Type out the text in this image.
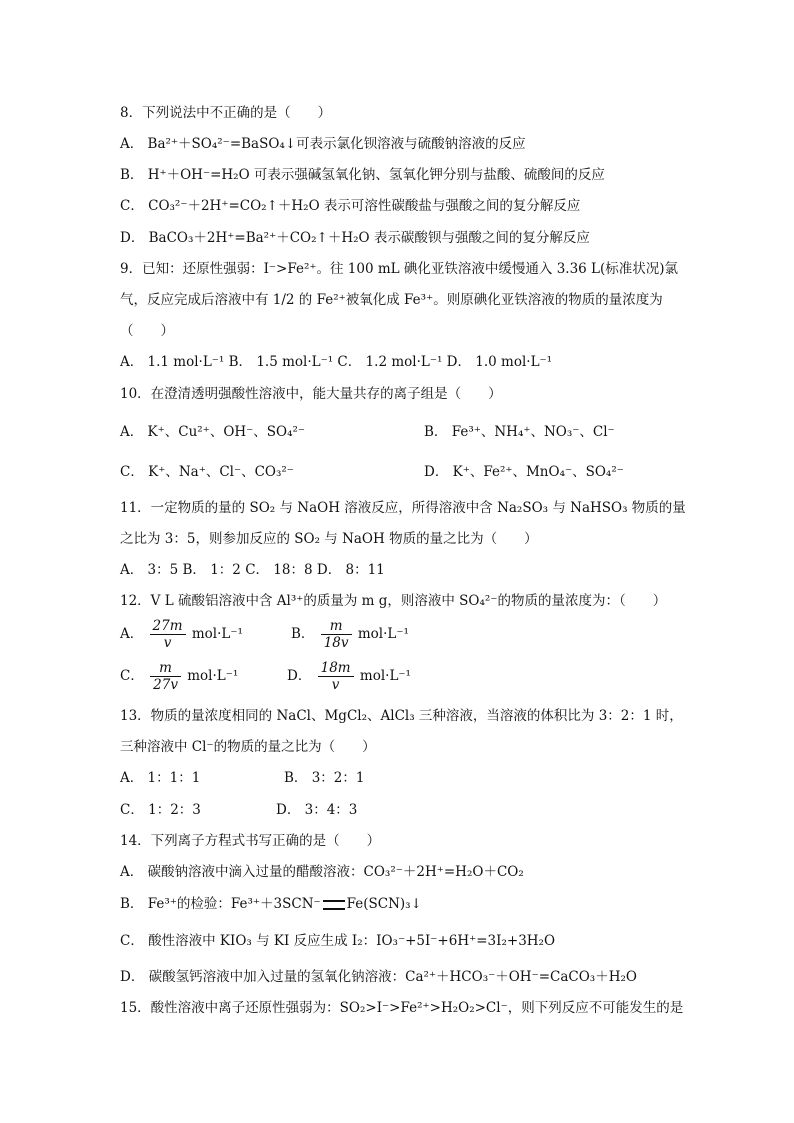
8．下列说法中不正确的是（　　）
A． Ba²⁺＋SO₄²⁻=BaSO₄↓可表示氯化钡溶液与硫酸钠溶液的反应
B． H⁺＋OH⁻=H₂O 可表示强碱氢氧化钠、氢氧化钾分别与盐酸、硫酸间的反应
C． CO₃²⁻＋2H⁺=CO₂↑＋H₂O 表示可溶性碳酸盐与强酸之间的复分解反应
D． BaCO₃＋2H⁺=Ba²⁺＋CO₂↑＋H₂O 表示碳酸钡与强酸之间的复分解反应
9．已知：还原性强弱：I⁻>Fe²⁺。往 100 mL 碘化亚铁溶液中缓慢通入 3.36 L(标准状况)氯
气，反应完成后溶液中有 1/2 的 Fe²⁺被氧化成 Fe³⁺。则原碘化亚铁溶液的物质的量浓度为
（　　）
A． 1.1 mol·L⁻¹ B． 1.5 mol·L⁻¹ C． 1.2 mol·L⁻¹ D． 1.0 mol·L⁻¹
10．在澄清透明强酸性溶液中，能大量共存的离子组是（　　）
A． K⁺、Cu²⁺、OH⁻、SO₄²⁻	B． Fe³⁺、NH₄⁺、NO₃⁻、Cl⁻
C． K⁺、Na⁺、Cl⁻、CO₃²⁻	D． K⁺、Fe²⁺、MnO₄⁻、SO₄²⁻
11．一定物质的量的 SO₂ 与 NaOH 溶液反应，所得溶液中含 Na₂SO₃ 与 NaHSO₃ 物质的量
之比为 3：5，则参加反应的 SO₂ 与 NaOH 物质的量之比为（　　）
A． 3：5 B． 1：2 C． 18：8 D． 8：11
12．V L 硫酸铝溶液中含 Al³⁺的质量为 m g，则溶液中 SO₄²⁻的物质的量浓度为：（　　）
A． $\frac{27m}{v} mol\cdot L^{-1}$	B． $\frac{m}{18v} mol\cdot L^{-1}$
C． $\frac{m}{27v} mol\cdot L^{-1}$	D． $\frac{18m}{v} mol\cdot L^{-1}$
13．物质的量浓度相同的 NaCl、MgCl₂、AlCl₃ 三种溶液，当溶液的体积比为 3：2：1 时，
三种溶液中 Cl⁻的物质的量之比为（　　）
A． 1：1：1	B． 3：2：1
C． 1：2：3	D． 3：4：3
14．下列离子方程式书写正确的是（　　）
A． 碳酸钠溶液中滴入过量的醋酸溶液：CO₃²⁻＋2H⁺=H₂O＋CO₂
B． Fe³⁺的检验：Fe³⁺＋3SCN⁻ Fe(SCN)₃↓
C． 酸性溶液中 KIO₃ 与 KI 反应生成 I₂：IO₃⁻+5I⁻+6H⁺=3I₂+3H₂O
D． 碳酸氢钙溶液中加入过量的氢氧化钠溶液：Ca²⁺＋HCO₃⁻＋OH⁻=CaCO₃＋H₂O
15．酸性溶液中离子还原性强弱为：SO₂>I⁻>Fe²⁺>H₂O₂>Cl⁻，则下列反应不可能发生的是
